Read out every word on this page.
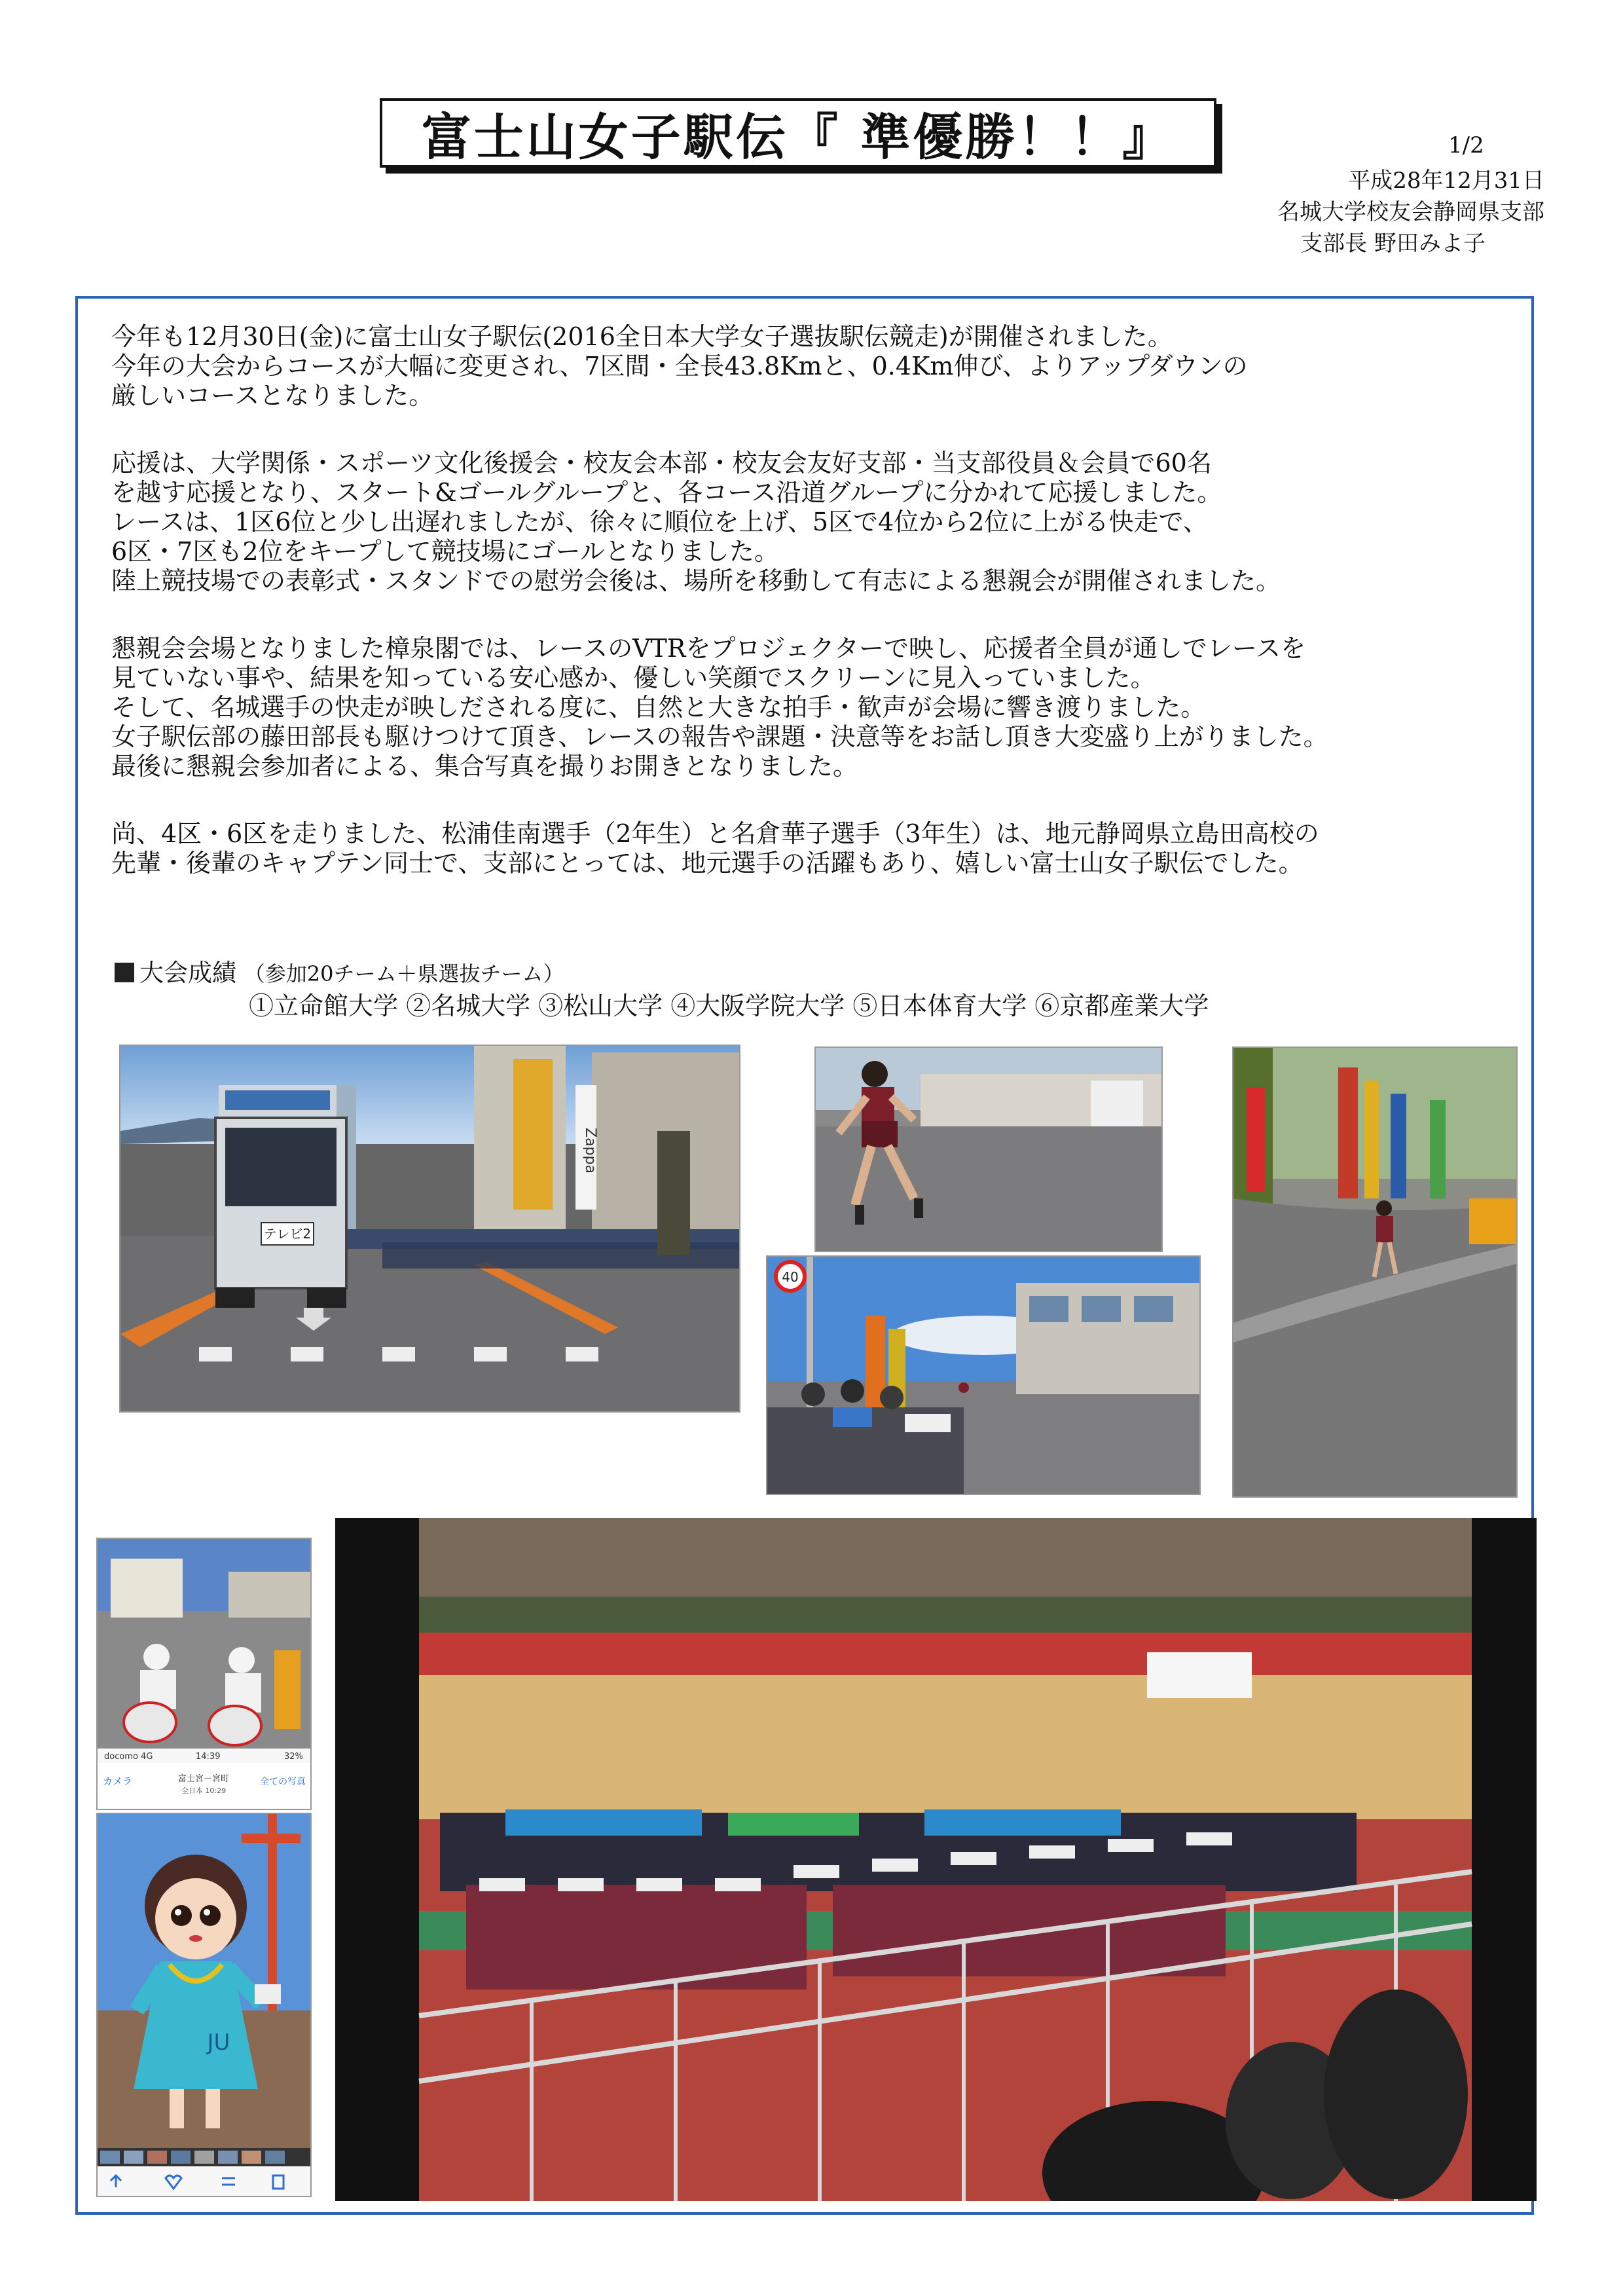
富士山女子駅伝『 準優勝！！』	1/2
平成28年12月31日
名城大学校友会静岡県支部
支部長 野田みよ子
今年も12月30日(金)に富士山女子駅伝(2016全日本大学女子選抜駅伝競走)が開催されました。
今年の大会からコースが大幅に変更され、7区間・全長43.8Kmと、0.4Km伸び、よりアップダウンの
厳しいコースとなりました。
応援は、大学関係・スポーツ文化後援会・校友会本部・校友会友好支部・当支部役員＆会員で60名
を越す応援となり、スタート&ゴールグループと、各コース沿道グループに分かれて応援しました。
レースは、1区6位と少し出遅れましたが、徐々に順位を上げ、5区で4位から2位に上がる快走で、
6区・7区も2位をキープして競技場にゴールとなりました。
陸上競技場での表彰式・スタンドでの慰労会後は、場所を移動して有志による懇親会が開催されました。
懇親会会場となりました樟泉閣では、レースのVTRをプロジェクターで映し、応援者全員が通しでレースを
見ていない事や、結果を知っている安心感か、優しい笑顔でスクリーンに見入っていました。
そして、名城選手の快走が映しだされる度に、自然と大きな拍手・歓声が会場に響き渡りました。
女子駅伝部の藤田部長も駆けつけて頂き、レースの報告や課題・決意等をお話し頂き大変盛り上がりました。
最後に懇親会参加者による、集合写真を撮りお開きとなりました。
尚、4区・6区を走りました、松浦佳南選手（2年生）と名倉華子選手（3年生）は、地元静岡県立島田高校の
先輩・後輩のキャプテン同士で、支部にとっては、地元選手の活躍もあり、嬉しい富士山女子駅伝でした。
大会成績 （参加20チーム＋県選抜チーム）
①立命館大学 ②名城大学 ③松山大学 ④大阪学院大学 ⑤日本体育大学 ⑥京都産業大学
テレビ2
Zappa
40
docomo 4G	14:39	32%
カメラ	富士宮－宮町
全日本 10:29
全ての写真
JU
